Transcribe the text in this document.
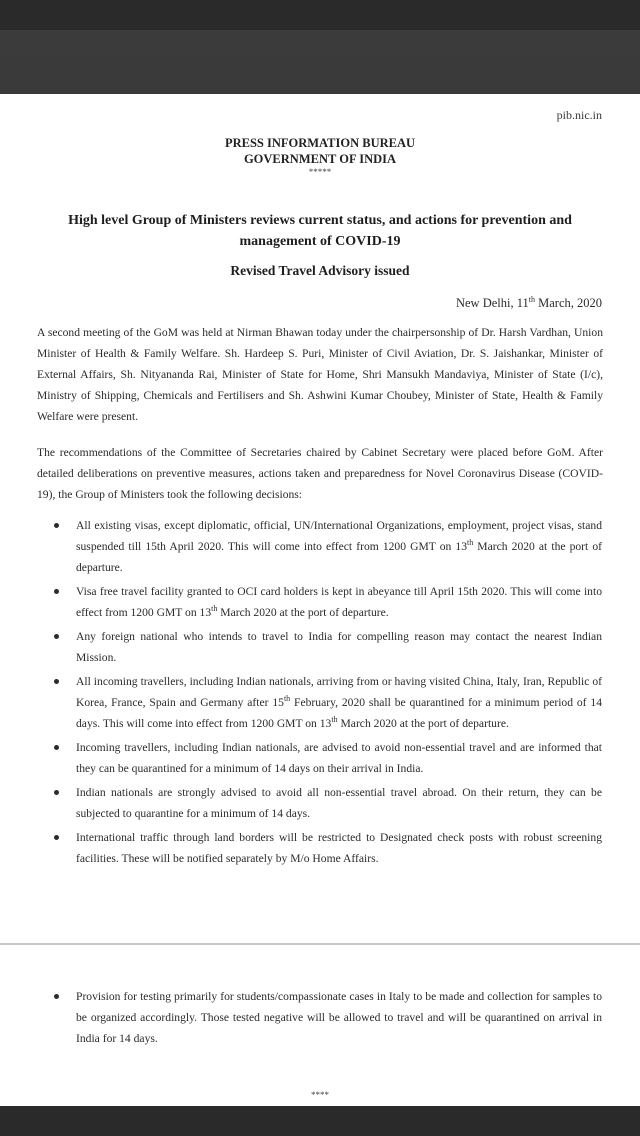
pib.nic.in
PRESS INFORMATION BUREAU
GOVERNMENT OF INDIA
*****
High level Group of Ministers reviews current status, and actions for prevention and management of COVID-19
Revised Travel Advisory issued
New Delhi, 11th March, 2020
A second meeting of the GoM was held at Nirman Bhawan today under the chairpersonship of Dr. Harsh Vardhan, Union Minister of Health & Family Welfare. Sh. Hardeep S. Puri, Minister of Civil Aviation, Dr. S. Jaishankar, Minister of External Affairs, Sh. Nityananda Rai, Minister of State for Home, Shri Mansukh Mandaviya, Minister of State (I/c), Ministry of Shipping, Chemicals and Fertilisers and Sh. Ashwini Kumar Choubey, Minister of State, Health & Family Welfare were present.
The recommendations of the Committee of Secretaries chaired by Cabinet Secretary were placed before GoM. After detailed deliberations on preventive measures, actions taken and preparedness for Novel Coronavirus Disease (COVID-19), the Group of Ministers took the following decisions:
All existing visas, except diplomatic, official, UN/International Organizations, employment, project visas, stand suspended till 15th April 2020. This will come into effect from 1200 GMT on 13th March 2020 at the port of departure.
Visa free travel facility granted to OCI card holders is kept in abeyance till April 15th 2020. This will come into effect from 1200 GMT on 13th March 2020 at the port of departure.
Any foreign national who intends to travel to India for compelling reason may contact the nearest Indian Mission.
All incoming travellers, including Indian nationals, arriving from or having visited China, Italy, Iran, Republic of Korea, France, Spain and Germany after 15th February, 2020 shall be quarantined for a minimum period of 14 days. This will come into effect from 1200 GMT on 13th March 2020 at the port of departure.
Incoming travellers, including Indian nationals, are advised to avoid non-essential travel and are informed that they can be quarantined for a minimum of 14 days on their arrival in India.
Indian nationals are strongly advised to avoid all non-essential travel abroad. On their return, they can be subjected to quarantine for a minimum of 14 days.
International traffic through land borders will be restricted to Designated check posts with robust screening facilities. These will be notified separately by M/o Home Affairs.
Provision for testing primarily for students/compassionate cases in Italy to be made and collection for samples to be organized accordingly. Those tested negative will be allowed to travel and will be quarantined on arrival in India for 14 days.
****
